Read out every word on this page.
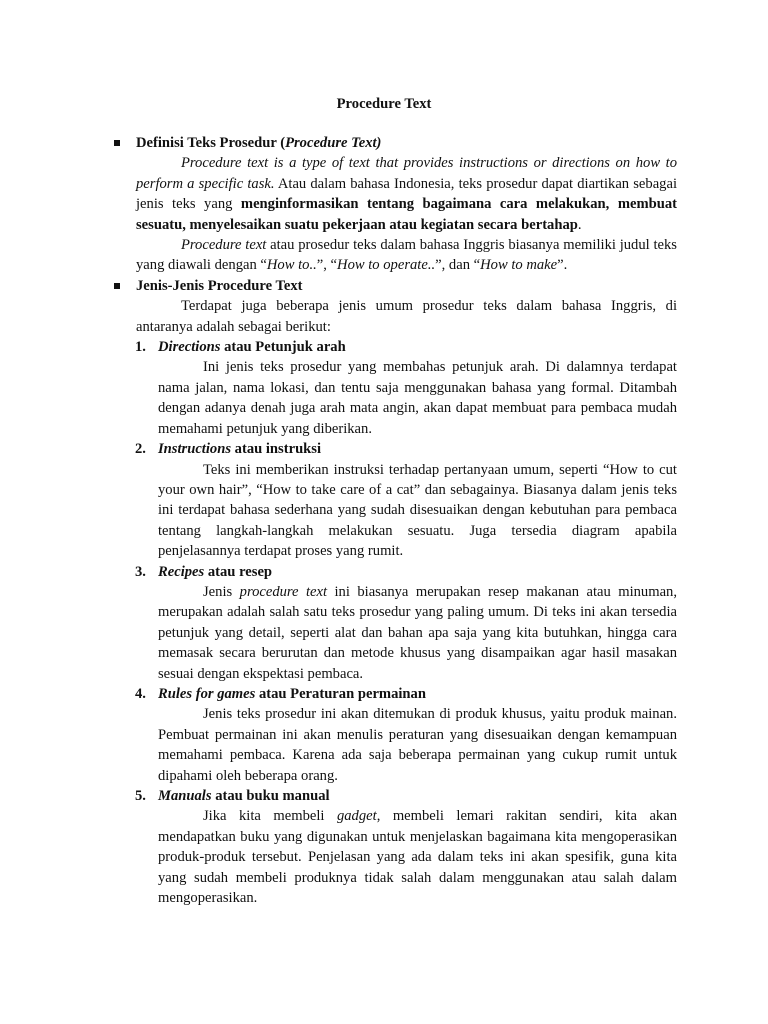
Procedure Text

Definisi Teks Prosedur (Procedure Text)

Procedure text is a type of text that provides instructions or directions on how to perform a specific task. Atau dalam bahasa Indonesia, teks prosedur dapat diartikan sebagai jenis teks yang menginformasikan tentang bagaimana cara melakukan, membuat sesuatu, menyelesaikan suatu pekerjaan atau kegiatan secara bertahap.

Procedure text atau prosedur teks dalam bahasa Inggris biasanya memiliki judul teks yang diawali dengan “How to..”, “How to operate..”, dan “How to make”.

Jenis-Jenis Procedure Text

Terdapat juga beberapa jenis umum prosedur teks dalam bahasa Inggris, di antaranya adalah sebagai berikut:

1. Directions atau Petunjuk arah

Ini jenis teks prosedur yang membahas petunjuk arah. Di dalamnya terdapat nama jalan, nama lokasi, dan tentu saja menggunakan bahasa yang formal. Ditambah dengan adanya denah juga arah mata angin, akan dapat membuat para pembaca mudah memahami petunjuk yang diberikan.

2. Instructions atau instruksi

Teks ini memberikan instruksi terhadap pertanyaan umum, seperti “How to cut your own hair”, “How to take care of a cat” dan sebagainya. Biasanya dalam jenis teks ini terdapat bahasa sederhana yang sudah disesuaikan dengan kebutuhan para pembaca tentang langkah-langkah melakukan sesuatu. Juga tersedia diagram apabila penjelasannya terdapat proses yang rumit.

3. Recipes atau resep

Jenis procedure text ini biasanya merupakan resep makanan atau minuman, merupakan adalah salah satu teks prosedur yang paling umum. Di teks ini akan tersedia petunjuk yang detail, seperti alat dan bahan apa saja yang kita butuhkan, hingga cara memasak secara berurutan dan metode khusus yang disampaikan agar hasil masakan sesuai dengan ekspektasi pembaca.

4. Rules for games atau Peraturan permainan

Jenis teks prosedur ini akan ditemukan di produk khusus, yaitu produk mainan. Pembuat permainan ini akan menulis peraturan yang disesuaikan dengan kemampuan memahami pembaca. Karena ada saja beberapa permainan yang cukup rumit untuk dipahami oleh beberapa orang.

5. Manuals atau buku manual

Jika kita membeli gadget, membeli lemari rakitan sendiri, kita akan mendapatkan buku yang digunakan untuk menjelaskan bagaimana kita mengoperasikan produk-produk tersebut. Penjelasan yang ada dalam teks ini akan spesifik, guna kita yang sudah membeli produknya tidak salah dalam menggunakan atau salah dalam mengoperasikan.
